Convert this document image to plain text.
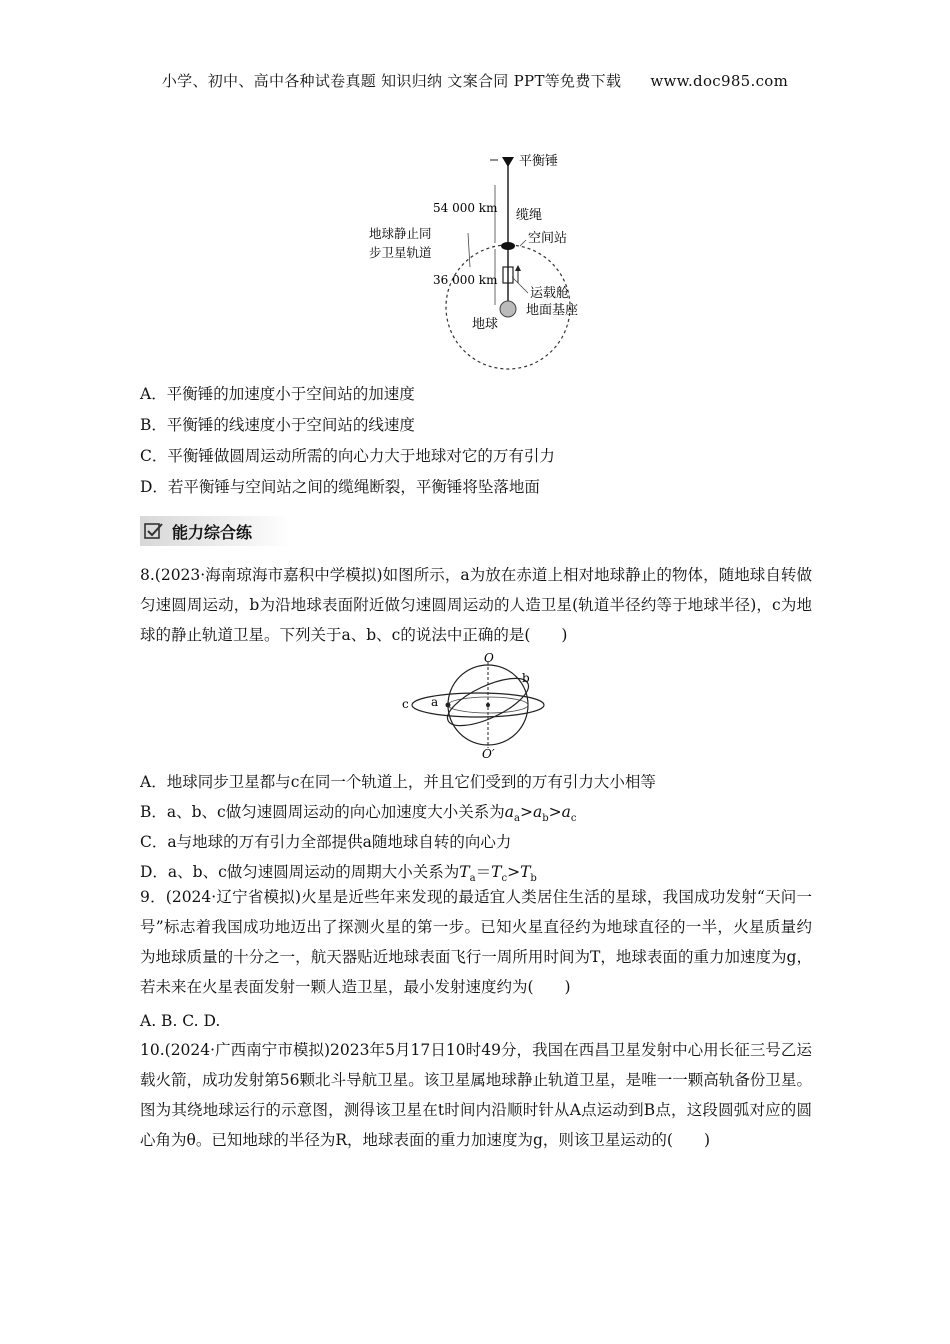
小学、初中、高中各种试卷真题 知识归纳 文案合同 PPT等免费下载 www.doc985.com
平衡锤
54 000 km 缆绳
空间站
地球静止同
步卫星轨道
36 000 km
运载舱
地面基座
地球
A．平衡锤的加速度小于空间站的加速度
B．平衡锤的线速度小于空间站的线速度
C．平衡锤做圆周运动所需的向心力大于地球对它的万有引力
D．若平衡锤与空间站之间的缆绳断裂，平衡锤将坠落地面
能力综合练
8.(2023·海南琼海市嘉积中学模拟)如图所示，a为放在赤道上相对地球静止的物体，随地球自转做匀速圆周运动，b为沿地球表面附近做匀速圆周运动的人造卫星(轨道半径约等于地球半径)，c为地球的静止轨道卫星。下列关于a、b、c的说法中正确的是(　　)
O
O′
a
b
c
A．地球同步卫星都与c在同一个轨道上，并且它们受到的万有引力大小相等
B．a、b、c做匀速圆周运动的向心加速度大小关系为$a_a>a_b>a_c$
C．a与地球的万有引力全部提供a随地球自转的向心力
D．a、b、c做匀速圆周运动的周期大小关系为$T_a=T_c>T_b$
9．(2024·辽宁省模拟)火星是近些年来发现的最适宜人类居住生活的星球，我国成功发射“天问一号”标志着我国成功地迈出了探测火星的第一步。已知火星直径约为地球直径的一半，火星质量约为地球质量的十分之一，航天器贴近地球表面飞行一周所用时间为T，地球表面的重力加速度为g，若未来在火星表面发射一颗人造卫星，最小发射速度约为(　　)
A. B. C. D.
10.(2024·广西南宁市模拟)2023年5月17日10时49分，我国在西昌卫星发射中心用长征三号乙运载火箭，成功发射第56颗北斗导航卫星。该卫星属地球静止轨道卫星，是唯一一颗高轨备份卫星。图为其绕地球运行的示意图，测得该卫星在t时间内沿顺时针从A点运动到B点，这段圆弧对应的圆心角为θ。已知地球的半径为R，地球表面的重力加速度为g，则该卫星运动的(　　)
